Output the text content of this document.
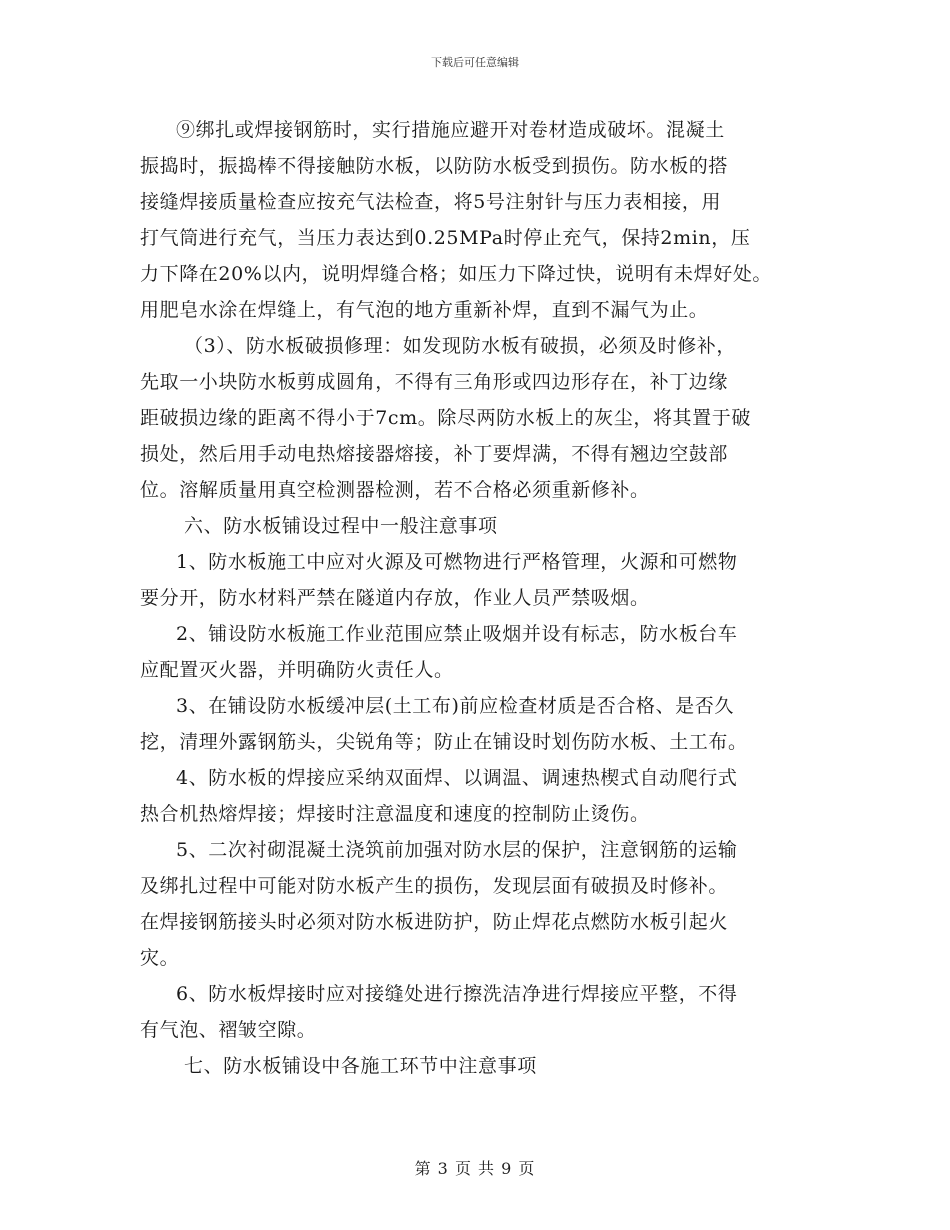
下载后可任意编辑

⑨绑扎或焊接钢筋时，实行措施应避开对卷材造成破坏。混凝土
振捣时，振捣棒不得接触防水板，以防防水板受到损伤。防水板的搭
接缝焊接质量检查应按充气法检查，将5号注射针与压力表相接，用
打气筒进行充气，当压力表达到0.25MPa时停止充气，保持2min，压
力下降在20%以内，说明焊缝合格；如压力下降过快，说明有未焊好处。
用肥皂水涂在焊缝上，有气泡的地方重新补焊，直到不漏气为止。

（3）、防水板破损修理：如发现防水板有破损，必须及时修补，
先取一小块防水板剪成圆角，不得有三角形或四边形存在，补丁边缘
距破损边缘的距离不得小于7cm。除尽两防水板上的灰尘，将其置于破
损处，然后用手动电热熔接器熔接，补丁要焊满，不得有翘边空鼓部
位。溶解质量用真空检测器检测，若不合格必须重新修补。

六、防水板铺设过程中一般注意事项

1、防水板施工中应对火源及可燃物进行严格管理，火源和可燃物
要分开，防水材料严禁在隧道内存放，作业人员严禁吸烟。

2、铺设防水板施工作业范围应禁止吸烟并设有标志，防水板台车
应配置灭火器，并明确防火责任人。

3、在铺设防水板缓冲层(土工布)前应检查材质是否合格、是否久
挖，清理外露钢筋头，尖锐角等；防止在铺设时划伤防水板、土工布。

4、防水板的焊接应采纳双面焊、以调温、调速热楔式自动爬行式
热合机热熔焊接；焊接时注意温度和速度的控制防止烫伤。

5、二次衬砌混凝土浇筑前加强对防水层的保护，注意钢筋的运输
及绑扎过程中可能对防水板产生的损伤，发现层面有破损及时修补。
在焊接钢筋接头时必须对防水板进防护，防止焊花点燃防水板引起火
灾。

6、防水板焊接时应对接缝处进行擦洗洁净进行焊接应平整，不得
有气泡、褶皱空隙。

七、防水板铺设中各施工环节中注意事项

第 3 页 共 9 页
